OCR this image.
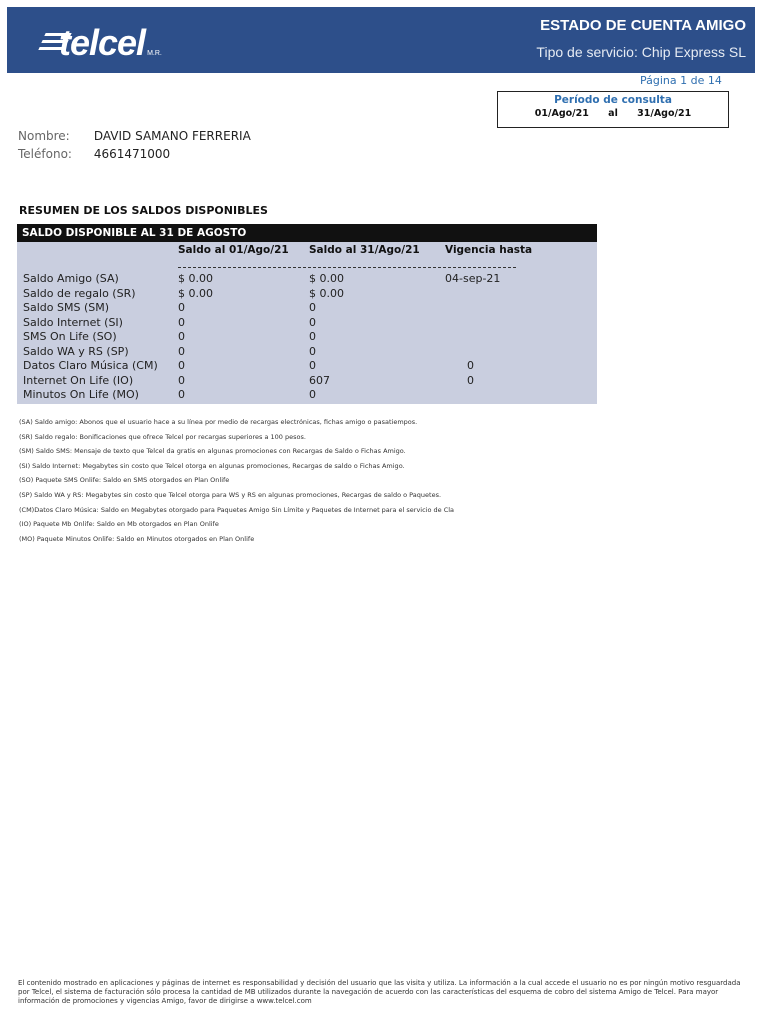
telcel M.R.
ESTADO DE CUENTA AMIGO
Tipo de servicio: Chip Express SL
Página 1 de 14
Período de consulta
01/Ago/21 al 31/Ago/21
Nombre: DAVID SAMANO FERRERIA
Teléfono: 4661471000
RESUMEN DE LOS SALDOS DISPONIBLES
SALDO DISPONIBLE AL 31 DE AGOSTO
Saldo al 01/Ago/21 Saldo al 31/Ago/21 Vigencia hasta
Saldo Amigo (SA)	$ 0.00	$ 0.00	04-sep-21
Saldo de regalo (SR)	$ 0.00	$ 0.00
Saldo SMS (SM)	0	0
Saldo Internet (SI)	0	0
SMS On Life (SO)	0	0
Saldo WA y RS (SP)	0	0
Datos Claro Música (CM) 0	0	0
Internet On Life (IO)	0	607	0
Minutos On Life (MO)	0	0
(SA) Saldo amigo: Abonos que el usuario hace a su línea por medio de recargas electrónicas, fichas amigo o pasatiempos.
(SR) Saldo regalo: Bonificaciones que ofrece Telcel por recargas superiores a 100 pesos.
(SM) Saldo SMS: Mensaje de texto que Telcel da gratis en algunas promociones con Recargas de Saldo o Fichas Amigo.
(SI) Saldo Internet: Megabytes sin costo que Telcel otorga en algunas promociones, Recargas de saldo o Fichas Amigo.
(SO) Paquete SMS Onlife: Saldo en SMS otorgados en Plan Onlife
(SP) Saldo WA y RS: Megabytes sin costo que Telcel otorga para WS y RS en algunas promociones, Recargas de saldo o Paquetes.
(CM)Datos Claro Música: Saldo en Megabytes otorgado para Paquetes Amigo Sin Límite y Paquetes de Internet para el servicio de Cla
(IO) Paquete Mb Onlife: Saldo en Mb otorgados en Plan Onlife
(MO) Paquete Minutos Onlife: Saldo en Minutos otorgados en Plan Onlife
El contenido mostrado en aplicaciones y páginas de internet es responsabilidad y decisión del usuario que las visita y utiliza. La información a la cual accede el usuario no es por ningún motivo resguardada por Telcel, el sistema de facturación sólo procesa la cantidad de MB utilizados durante la navegación de acuerdo con las características del esquema de cobro del sistema Amigo de Telcel. Para mayor información de promociones y vigencias Amigo, favor de dirigirse a www.telcel.com
